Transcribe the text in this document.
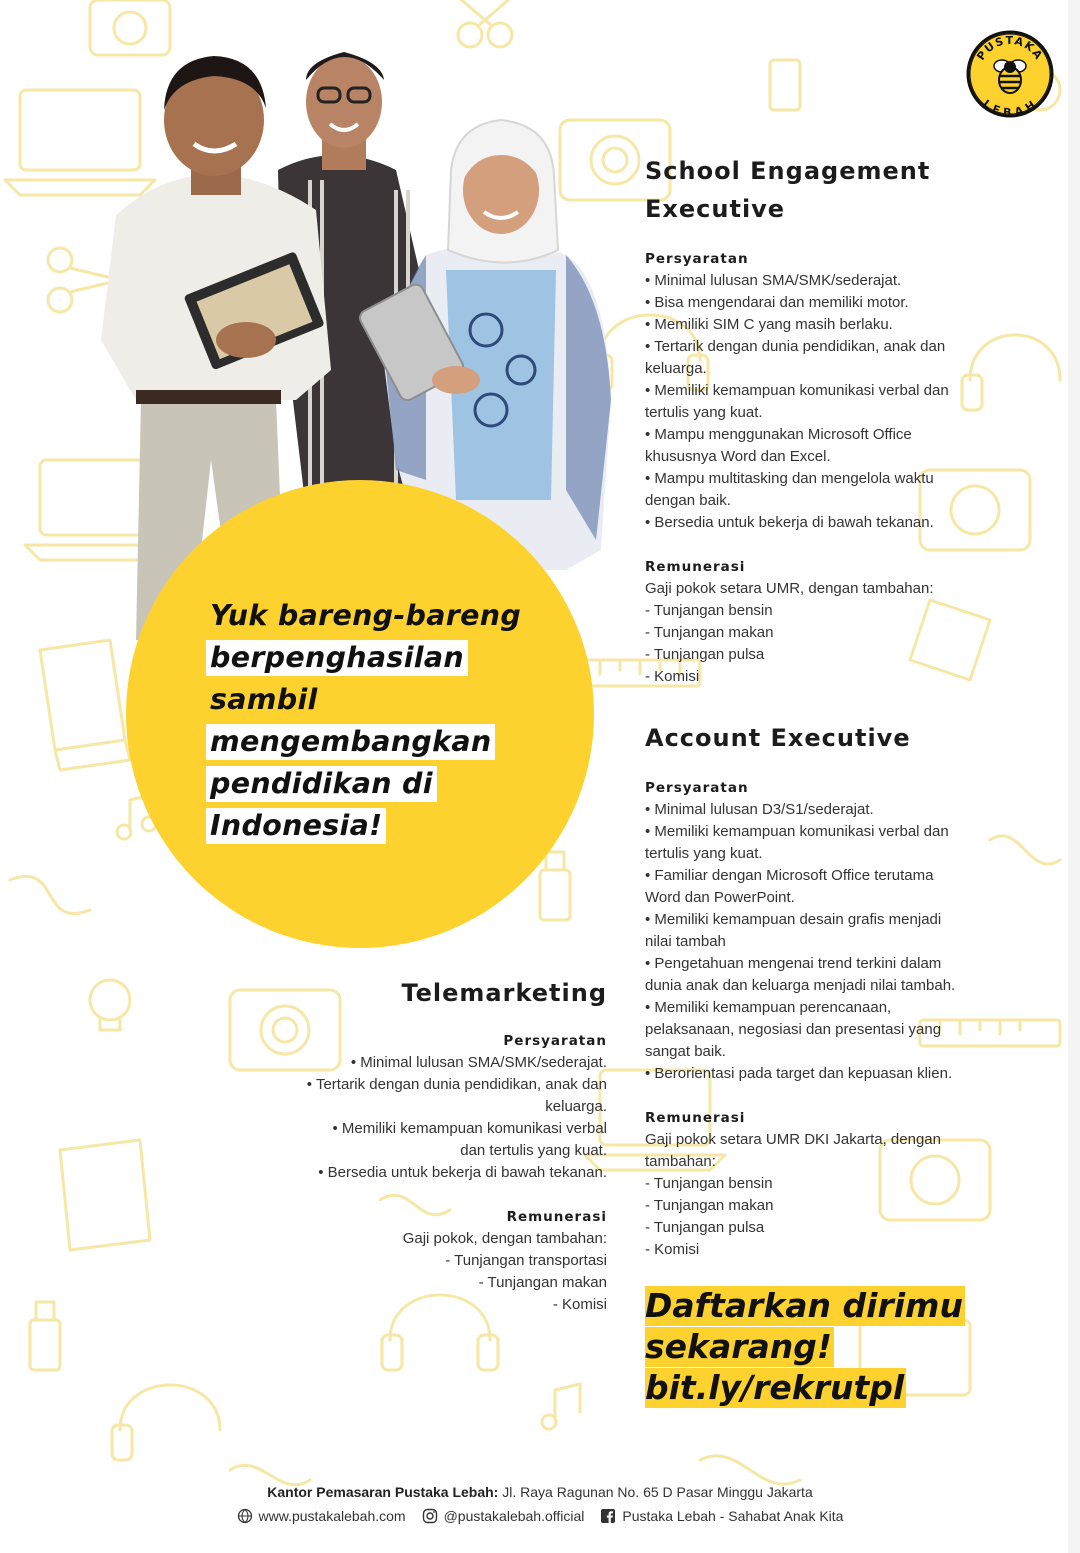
PUSTAKA
LEBAH
Yuk bareng-bareng
berpenghasilan
sambil
mengembangkan
pendidikan di
Indonesia!
School Engagement
Executive
Persyaratan
• Minimal lulusan SMA/SMK/sederajat.
• Bisa mengendarai dan memiliki motor.
• Memiliki SIM C yang masih berlaku.
• Tertarik dengan dunia pendidikan, anak dan
keluarga.
• Memiliki kemampuan komunikasi verbal dan
tertulis yang kuat.
• Mampu menggunakan Microsoft Office
khususnya Word dan Excel.
• Mampu multitasking dan mengelola waktu
dengan baik.
• Bersedia untuk bekerja di bawah tekanan.
Remunerasi
Gaji pokok setara UMR, dengan tambahan:
- Tunjangan bensin
- Tunjangan makan
- Tunjangan pulsa
- Komisi
Account Executive
Persyaratan
• Minimal lulusan D3/S1/sederajat.
• Memiliki kemampuan komunikasi verbal dan
tertulis yang kuat.
• Familiar dengan Microsoft Office terutama
Word dan PowerPoint.
• Memiliki kemampuan desain grafis menjadi
nilai tambah
• Pengetahuan mengenai trend terkini dalam
dunia anak dan keluarga menjadi nilai tambah.
• Memiliki kemampuan perencanaan,
pelaksanaan, negosiasi dan presentasi yang
sangat baik.
• Berorientasi pada target dan kepuasan klien.
Remunerasi
Gaji pokok setara UMR DKI Jakarta, dengan
tambahan:
- Tunjangan bensin
- Tunjangan makan
- Tunjangan pulsa
- Komisi
Telemarketing
Persyaratan
• Minimal lulusan SMA/SMK/sederajat.
• Tertarik dengan dunia pendidikan, anak dan
keluarga.
• Memiliki kemampuan komunikasi verbal
dan tertulis yang kuat.
• Bersedia untuk bekerja di bawah tekanan.
Remunerasi
Gaji pokok, dengan tambahan:
- Tunjangan transportasi
- Tunjangan makan
- Komisi Daftarkan dirimu
sekarang!
bit.ly/rekrutpl
Kantor Pemasaran Pustaka Lebah: Jl. Raya Ragunan No. 65 D Pasar Minggu Jakarta
www.pustakalebah.com	@pustakalebah.official	Pustaka Lebah - Sahabat Anak Kita
